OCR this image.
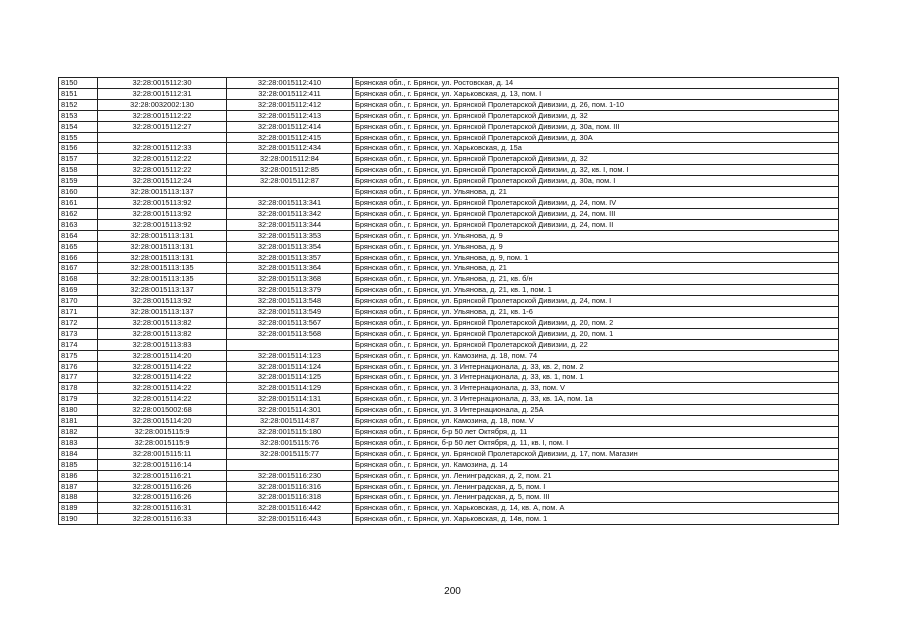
8150	32:28:0015112:30	32:28:0015112:410	Брянская обл., г. Брянск, ул. Ростовская, д. 14
8151	32:28:0015112:31	32:28:0015112:411	Брянская обл., г. Брянск, ул. Харьковская, д. 13, пом. I
8152	32:28:0032002:130	32:28:0015112:412	Брянская обл., г. Брянск, ул. Брянской Пролетарской Дивизии, д. 26, пом. 1-10
8153	32:28:0015112:22	32:28:0015112:413	Брянская обл., г. Брянск, ул. Брянской Пролетарской Дивизии, д. 32
8154	32:28:0015112:27	32:28:0015112:414	Брянская обл., г. Брянск, ул. Брянской Пролетарской Дивизии, д. 30а, пом. III
8155		32:28:0015112:415	Брянская обл., г. Брянск, ул. Брянской Пролетарской Дивизии, д. 30А
8156	32:28:0015112:33	32:28:0015112:434	Брянская обл., г. Брянск, ул. Харьковская, д. 15а
8157	32:28:0015112:22	32:28:0015112:84	Брянская обл., г. Брянск, ул. Брянской Пролетарской Дивизии, д. 32
8158	32:28:0015112:22	32:28:0015112:85	Брянская обл., г. Брянск, ул. Брянской Пролетарской Дивизии, д. 32, кв. I, пом. I
8159	32:28:0015112:24	32:28:0015112:87	Брянская обл., г. Брянск, ул. Брянской Пролетарской Дивизии, д. 30а, пом. I
8160	32:28:0015113:137		Брянская обл., г. Брянск, ул. Ульянова, д. 21
8161	32:28:0015113:92	32:28:0015113:341	Брянская обл., г. Брянск, ул. Брянской Пролетарской Дивизии, д. 24, пом. IV
8162	32:28:0015113:92	32:28:0015113:342	Брянская обл., г. Брянск, ул. Брянской Пролетарской Дивизии, д. 24, пом. III
8163	32:28:0015113:92	32:28:0015113:344	Брянская обл., г. Брянск, ул. Брянской Пролетарской Дивизии, д. 24, пом. II
8164	32:28:0015113:131	32:28:0015113:353	Брянская обл., г. Брянск, ул. Ульянова, д. 9
8165	32:28:0015113:131	32:28:0015113:354	Брянская обл., г. Брянск, ул. Ульянова, д. 9
8166	32:28:0015113:131	32:28:0015113:357	Брянская обл., г. Брянск, ул. Ульянова, д. 9, пом. 1
8167	32:28:0015113:135	32:28:0015113:364	Брянская обл., г. Брянск, ул. Ульянова, д. 21
8168	32:28:0015113:135	32:28:0015113:368	Брянская обл., г. Брянск, ул. Ульянова, д. 21, кв. б/н
8169	32:28:0015113:137	32:28:0015113:379	Брянская обл., г. Брянск, ул. Ульянова, д. 21, кв. 1, пом. 1
8170	32:28:0015113:92	32:28:0015113:548	Брянская обл., г. Брянск, ул. Брянской Пролетарской Дивизии, д. 24, пом. I
8171	32:28:0015113:137	32:28:0015113:549	Брянская обл., г. Брянск, ул. Ульянова, д. 21, кв. 1-6
8172	32:28:0015113:82	32:28:0015113:567	Брянская обл., г. Брянск, ул. Брянской Пролетарской Дивизии, д. 20, пом. 2
8173	32:28:0015113:82	32:28:0015113:568	Брянская обл., г. Брянск, ул. Брянской Пролетарской Дивизии, д. 20, пом. 1
8174	32:28:0015113:83		Брянская обл., г. Брянск, ул. Брянской Пролетарской Дивизии, д. 22
8175	32:28:0015114:20	32:28:0015114:123	Брянская обл., г. Брянск, ул. Камозина, д. 18, пом. 74
8176	32:28:0015114:22	32:28:0015114:124	Брянская обл., г. Брянск, ул. 3 Интернационала, д. 33, кв. 2, пом. 2
8177	32:28:0015114:22	32:28:0015114:125	Брянская обл., г. Брянск, ул. 3 Интернационала, д. 33, кв. 1, пом. 1
8178	32:28:0015114:22	32:28:0015114:129	Брянская обл., г. Брянск, ул. 3 Интернационала, д. 33, пом. V
8179	32:28:0015114:22	32:28:0015114:131	Брянская обл., г. Брянск, ул. 3 Интернационала, д. 33, кв. 1А, пом. 1а
8180	32:28:0015002:68	32:28:0015114:301	Брянская обл., г. Брянск, ул. 3 Интернационала, д. 25А
8181	32:28:0015114:20	32:28:0015114:87	Брянская обл., г. Брянск, ул. Камозина, д. 18, пом. V
8182	32:28:0015115:9	32:28:0015115:180	Брянская обл., г. Брянск, б-р 50 лет Октября, д. 11
8183	32:28:0015115:9	32:28:0015115:76	Брянская обл., г. Брянск, б-р 50 лет Октября, д. 11, кв. I, пом. I
8184	32:28:0015115:11	32:28:0015115:77	Брянская обл., г. Брянск, ул. Брянской Пролетарской Дивизии, д. 17, пом. Магазин
8185	32:28:0015116:14		Брянская обл., г. Брянск, ул. Камозина, д. 14
8186	32:28:0015116:21	32:28:0015116:230	Брянская обл., г. Брянск, ул. Ленинградская, д. 2, пом. 21
8187	32:28:0015116:26	32:28:0015116:316	Брянская обл., г. Брянск, ул. Ленинградская, д. 5, пом. I
8188	32:28:0015116:26	32:28:0015116:318	Брянская обл., г. Брянск, ул. Ленинградская, д. 5, пом. III
8189	32:28:0015116:31	32:28:0015116:442	Брянская обл., г. Брянск, ул. Харьковская, д. 14, кв. А, пом. А
8190	32:28:0015116:33	32:28:0015116:443	Брянская обл., г. Брянск, ул. Харьковская, д. 14в, пом. 1
200
